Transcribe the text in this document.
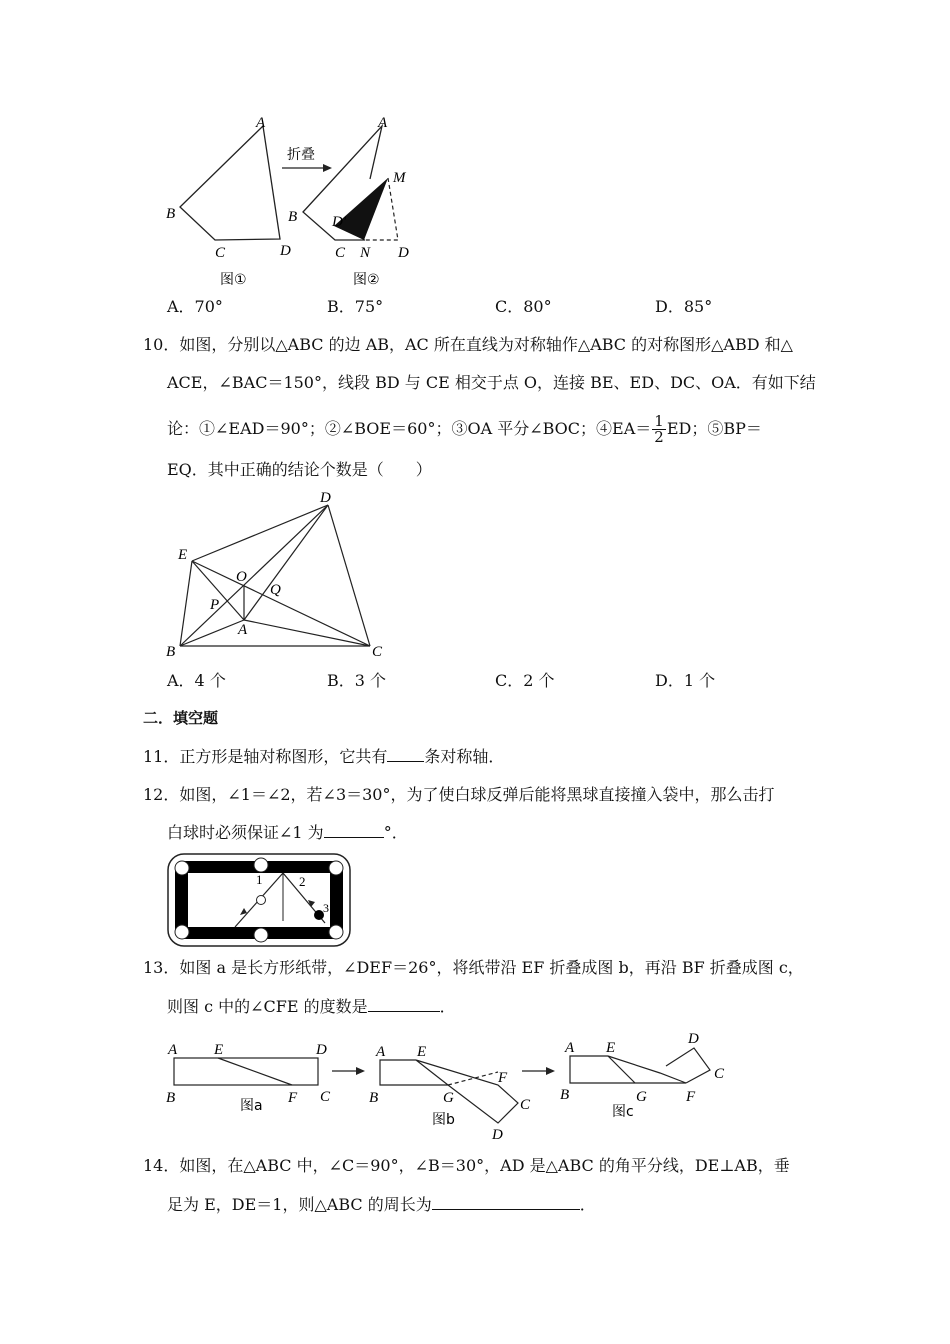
A
B
C	D
图①
折叠
A
B
C	D
M
N
D'
图②
A．70°	B．75°	C．80°	D．85°
10．如图，分别以△ABC 的边 AB，AC 所在直线为对称轴作△ABC 的对称图形△ABD 和△
ACE，∠BAC＝150°，线段 BD 与 CE 相交于点 O，连接 BE、ED、DC、OA．有如下结
论：①∠EAD＝90°；②∠BOE＝60°；③OA 平分∠BOC；④EA＝ $\frac{1}{2}$ ED；⑤BP＝
EQ．其中正确的结论个数是（　　）
D
E
O
Q
P
A
B	C
A．4 个	B．3 个	C．2 个	D．1 个
二．填空题
11．正方形是轴对称图形，它共有 条对称轴．
12．如图，∠1＝∠2，若∠3＝30°，为了使白球反弹后能将黑球直接撞入袋中，那么击打
白球时必须保证∠1 为	°．
1	2
3
13．如图 a 是长方形纸带，∠DEF＝26°，将纸带沿 EF 折叠成图 b，再沿 BF 折叠成图 c，
则图 c 中的∠CFE 的度数是	．
A E	D
B	F C
图a
A E
F
B	G	C
D
图b
A E
D
C
B	G	F
图c
14．如图，在△ABC 中，∠C＝90°，∠B＝30°，AD 是△ABC 的角平分线，DE⊥AB，垂
足为 E，DE＝1，则△ABC 的周长为	．
